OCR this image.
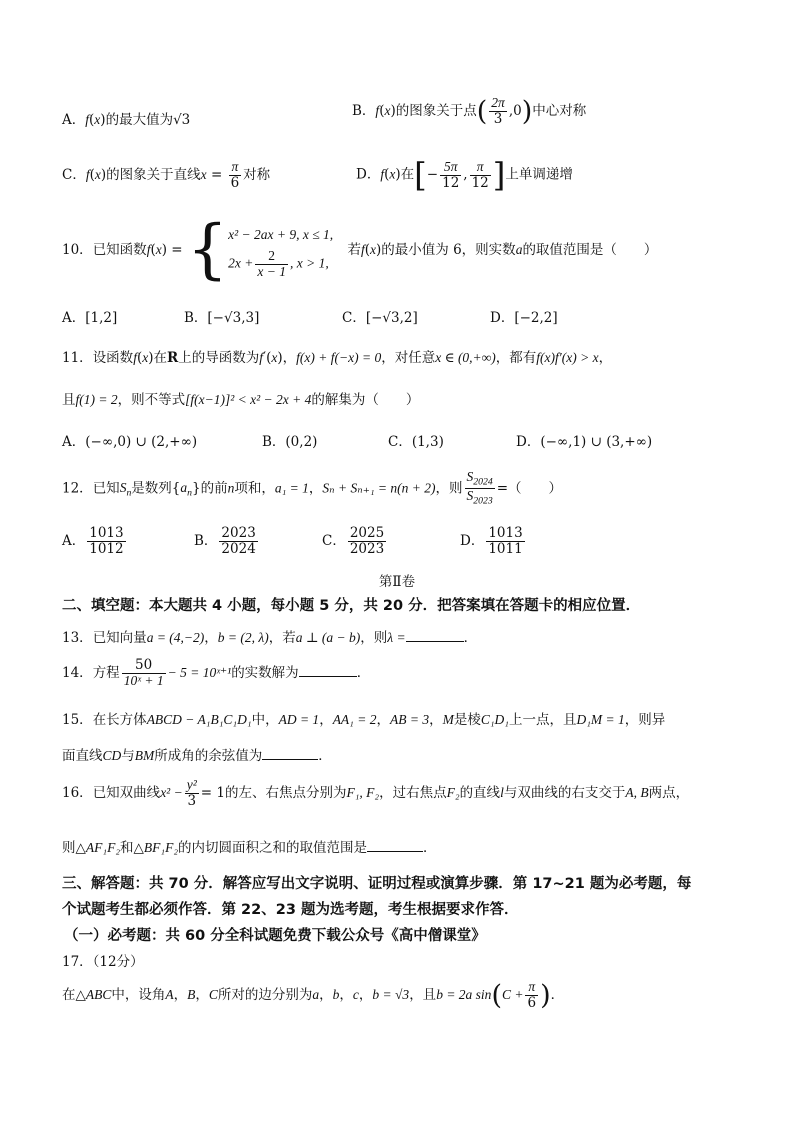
A．f(x)的最大值为√3
B．f(x)的图象关于点( $\frac{2\pi}{3} ,0$)中心对称
C．f(x)的图象关于直线$x = \frac{\pi}{6}$ 对称	D．f(x)在[− $\frac{5\pi}{12}$ , $\frac{\pi}{12}$ ]上单调递增
10．已知函数f(x) = { x² − 2ax + 9, x ≤ 1,
$2x + \frac{2}{x - 1}$ , x > 1,
若f(x)的最小值为 6，则实数a的取值范围是（　　）
A．[1,2]	B．[−√3,3]	C．[−√3,2]	D．[−2,2]
11．设函数f(x)在R上的导函数为f′(x)，f(x) + f(−x) = 0，对任意x ∈ (0,+∞)，都有f(x)f′(x) > x，
且f(1) = 2，则不等式[f(x−1)]² < x² − 2x + 4的解集为（　　）
A．(−∞,0) ∪ (2,+∞)	B．(0,2)	C．(1,3)	D．(−∞,1) ∪ (3,+∞)
12．已知$S_n$是数列$\{a_n\}$的前n项和，a₁ = 1，Sₙ + Sₙ₊₁ = n(n + 2)，则 $\frac{S_{2024}}{S_{2023}}$ =（　　）
A． $\frac{1013}{1012}$	B． $\frac{2023}{2024}$	C． $\frac{2025}{2023}$	D． $\frac{1013}{1011}$
第Ⅱ卷
二、填空题：本大题共 4 小题，每小题 5 分，共 20 分．把答案填在答题卡的相应位置．
13．已知向量a = (4,−2)，b = (2, λ)，若a ⊥ (a − b)，则λ =	．
14．方程 $\frac{50}{\text{10ˣ + 1}} - 5$ = 10ˣ⁺¹的实数解为	．
15．在长方体ABCD − A₁B₁C₁D₁中，AD = 1，AA₁ = 2，AB = 3，M是棱C₁D₁上一点，且D₁M = 1，则异
面直线CD与BM所成角的余弦值为	．
16．已知双曲线$x^2 - \frac{\text{y²}}{3} = 1$的左、右焦点分别为F₁, F₂，过右焦点F₂的直线l与双曲线的右支交于A, B两点，
则△AF₁F₂和△BF₁F₂的内切圆面积之和的取值范围是	．
三、解答题：共 70 分．解答应写出文字说明、证明过程或演算步骤．第 17~21 题为必考题，每
个试题考生都必须作答．第 22、23 题为选考题，考生根据要求作答．
（一）必考题：共 60 分全科试题免费下载公众号《高中僧课堂》
17．（12分）
在△ABC中，设角A，B，C所对的边分别为a，b，c，b = √3，且b = 2a $\sin(C + \frac{\pi}{6}$ )．
